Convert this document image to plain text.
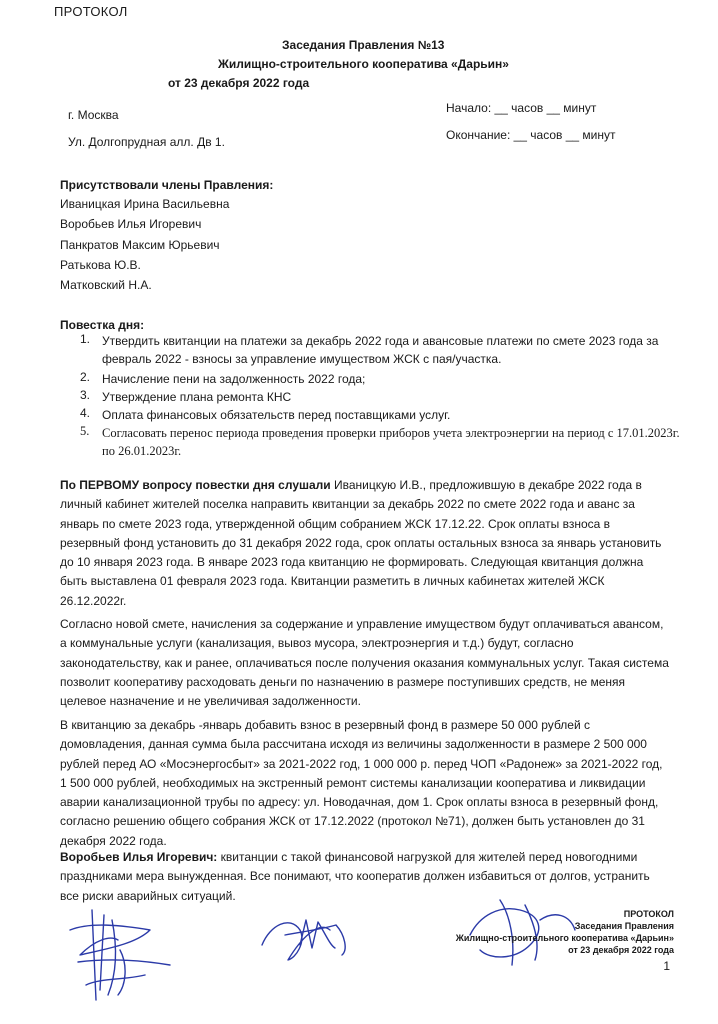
ПРОТОКОЛ
Заседания Правления №13
Жилищно-строительного кооператива «Дарьин»
от 23 декабря 2022 года
г. Москва
Ул. Долгопрудная алл. Дв 1.
Начало: __ часов __ минут
Окончание: __ часов __ минут
Присутствовали члены Правления:
Иваницкая Ирина Васильевна
Воробьев Илья Игоревич
Панкратов Максим Юрьевич
Ратькова Ю.В.
Матковский Н.А.
Повестка дня:
1. Утвердить квитанции на платежи за декабрь 2022 года и авансовые платежи по смете 2023 года за февраль 2022 - взносы за управление имуществом ЖСК с пая/участка.
2. Начисление пени на задолженность 2022 года;
3. Утверждение плана ремонта КНС
4. Оплата финансовых обязательств перед поставщиками услуг.
5.	Согласовать перенос периода проведения проверки приборов учета электроэнергии на период с 17.01.2023г. по 26.01.2023г.
По ПЕРВОМУ вопросу повестки дня слушали Иваницкую И.В., предложившую в декабре 2022 года в личный кабинет жителей поселка направить квитанции за декабрь 2022 по смете 2022 года и аванс за январь по смете 2023 года, утвержденной общим собранием ЖСК 17.12.22. Срок оплаты взноса в резервный фонд установить до 31 декабря 2022 года, срок оплаты остальных взноса за январь установить до 10 января 2023 года. В январе 2023 года квитанцию не формировать. Следующая квитанция должна быть выставлена 01 февраля 2023 года. Квитанции разметить в личных кабинетах жителей ЖСК 26.12.2022г.
Согласно новой смете, начисления за содержание и управление имуществом будут оплачиваться авансом, а коммунальные услуги (канализация, вывоз мусора, электроэнергия и т.д.) будут, согласно законодательству, как и ранее, оплачиваться после получения оказания коммунальных услуг. Такая система позволит кооперативу расходовать деньги по назначению в размере поступивших средств, не меняя целевое назначение и не увеличивая задолженности.
В квитанцию за декабрь -январь добавить взнос в резервный фонд в размере 50 000 рублей с домовладения, данная сумма была рассчитана исходя из величины задолженности в размере 2 500 000 рублей перед АО «Мосэнергосбыт» за 2021-2022 год, 1 000 000 р. перед ЧОП «Радонеж» за 2021-2022 год, 1 500 000 рублей, необходимых на экстренный ремонт системы канализации кооператива и ликвидации аварии канализационной трубы по адресу: ул. Новодачная, дом 1. Срок оплаты взноса в резервный фонд, согласно решению общего собрания ЖСК от 17.12.2022 (протокол №71), должен быть установлен до 31 декабря 2022 года.
Воробьев Илья Игоревич: квитанции с такой финансовой нагрузкой для жителей перед новогодними праздниками мера вынужденная. Все понимают, что кооператив должен избавиться от долгов, устранить все риски аварийных ситуаций.
ПРОТОКОЛ
Заседания Правления
Жилищно-строительного кооператива «Дарьин»
от 23 декабря 2022 года
1
